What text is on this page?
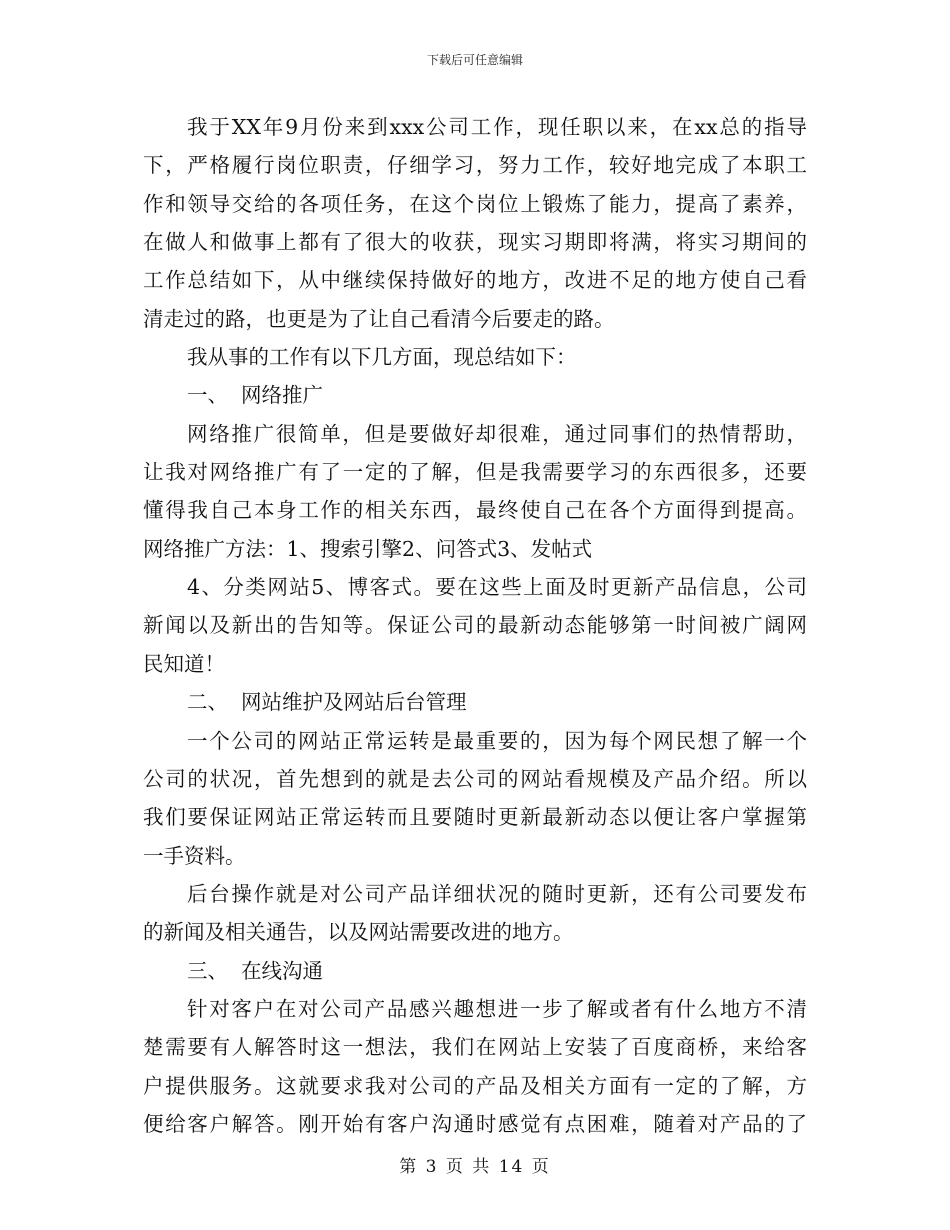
下载后可任意编辑
我于XX年9月份来到xxx公司工作，现任职以来，在xx总的指导
下，严格履行岗位职责，仔细学习，努力工作，较好地完成了本职工
作和领导交给的各项任务，在这个岗位上锻炼了能力，提高了素养，
在做人和做事上都有了很大的收获，现实习期即将满，将实习期间的
工作总结如下，从中继续保持做好的地方，改进不足的地方使自己看
清走过的路，也更是为了让自己看清今后要走的路。
我从事的工作有以下几方面，现总结如下：
一、  网络推广
网络推广很简单，但是要做好却很难，通过同事们的热情帮助，
让我对网络推广有了一定的了解，但是我需要学习的东西很多，还要
懂得我自己本身工作的相关东西，最终使自己在各个方面得到提高。
网络推广方法：1、搜索引擎2、问答式3、发帖式
4、分类网站5、博客式。要在这些上面及时更新产品信息，公司
新闻以及新出的告知等。保证公司的最新动态能够第一时间被广阔网
民知道！
二、  网站维护及网站后台管理
一个公司的网站正常运转是最重要的，因为每个网民想了解一个
公司的状况，首先想到的就是去公司的网站看规模及产品介绍。所以
我们要保证网站正常运转而且要随时更新最新动态以便让客户掌握第
一手资料。
后台操作就是对公司产品详细状况的随时更新，还有公司要发布
的新闻及相关通告，以及网站需要改进的地方。
三、  在线沟通
针对客户在对公司产品感兴趣想进一步了解或者有什么地方不清
楚需要有人解答时这一想法，我们在网站上安装了百度商桥，来给客
户提供服务。这就要求我对公司的产品及相关方面有一定的了解，方
便给客户解答。刚开始有客户沟通时感觉有点困难，随着对产品的了
第 3 页 共 14 页
